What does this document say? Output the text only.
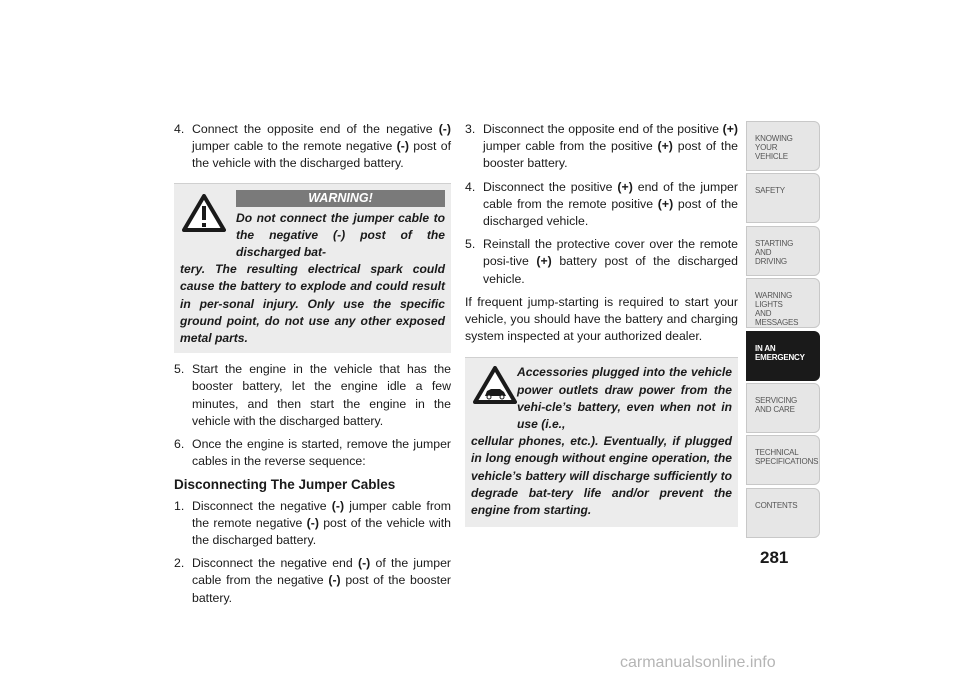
4. Connect the opposite end of the negative (-) jumper cable to the remote negative (-) post of the vehicle with the discharged battery.

WARNING!
Do not connect the jumper cable to the negative (-) post of the discharged bat-
tery. The resulting electrical spark could cause the battery to explode and could result in per-sonal injury. Only use the specific ground point, do not use any other exposed metal parts.

5. Start the engine in the vehicle that has the booster battery, let the engine idle a few minutes, and then start the engine in the vehicle with the discharged battery.

6. Once the engine is started, remove the jumper cables in the reverse sequence:

Disconnecting The Jumper Cables

1. Disconnect the negative (-) jumper cable from the remote negative (-) post of the vehicle with the discharged battery.

2. Disconnect the negative end (-) of the jumper cable from the negative (-) post of the booster battery.

3. Disconnect the opposite end of the positive (+) jumper cable from the positive (+) post of the booster battery.

4. Disconnect the positive (+) end of the jumper cable from the remote positive (+) post of the discharged vehicle.

5. Reinstall the protective cover over the remote posi-tive (+) battery post of the discharged vehicle.

If frequent jump-starting is required to start your vehicle, you should have the battery and charging system inspected at your authorized dealer.

Accessories plugged into the vehicle power outlets draw power from the vehi-cle’s battery, even when not in use (i.e.,
cellular phones, etc.). Eventually, if plugged in long enough without engine operation, the vehicle’s battery will discharge sufficiently to degrade bat-tery life and/or prevent the engine from starting.
KNOWING
YOUR
VEHICLE
SAFETY
STARTING
AND
DRIVING
WARNING
LIGHTS
AND
MESSAGES
IN AN
EMERGENCY
SERVICING
AND CARE
TECHNICAL
SPECIFICATIONS
CONTENTS
281
carmanualsonline.info
